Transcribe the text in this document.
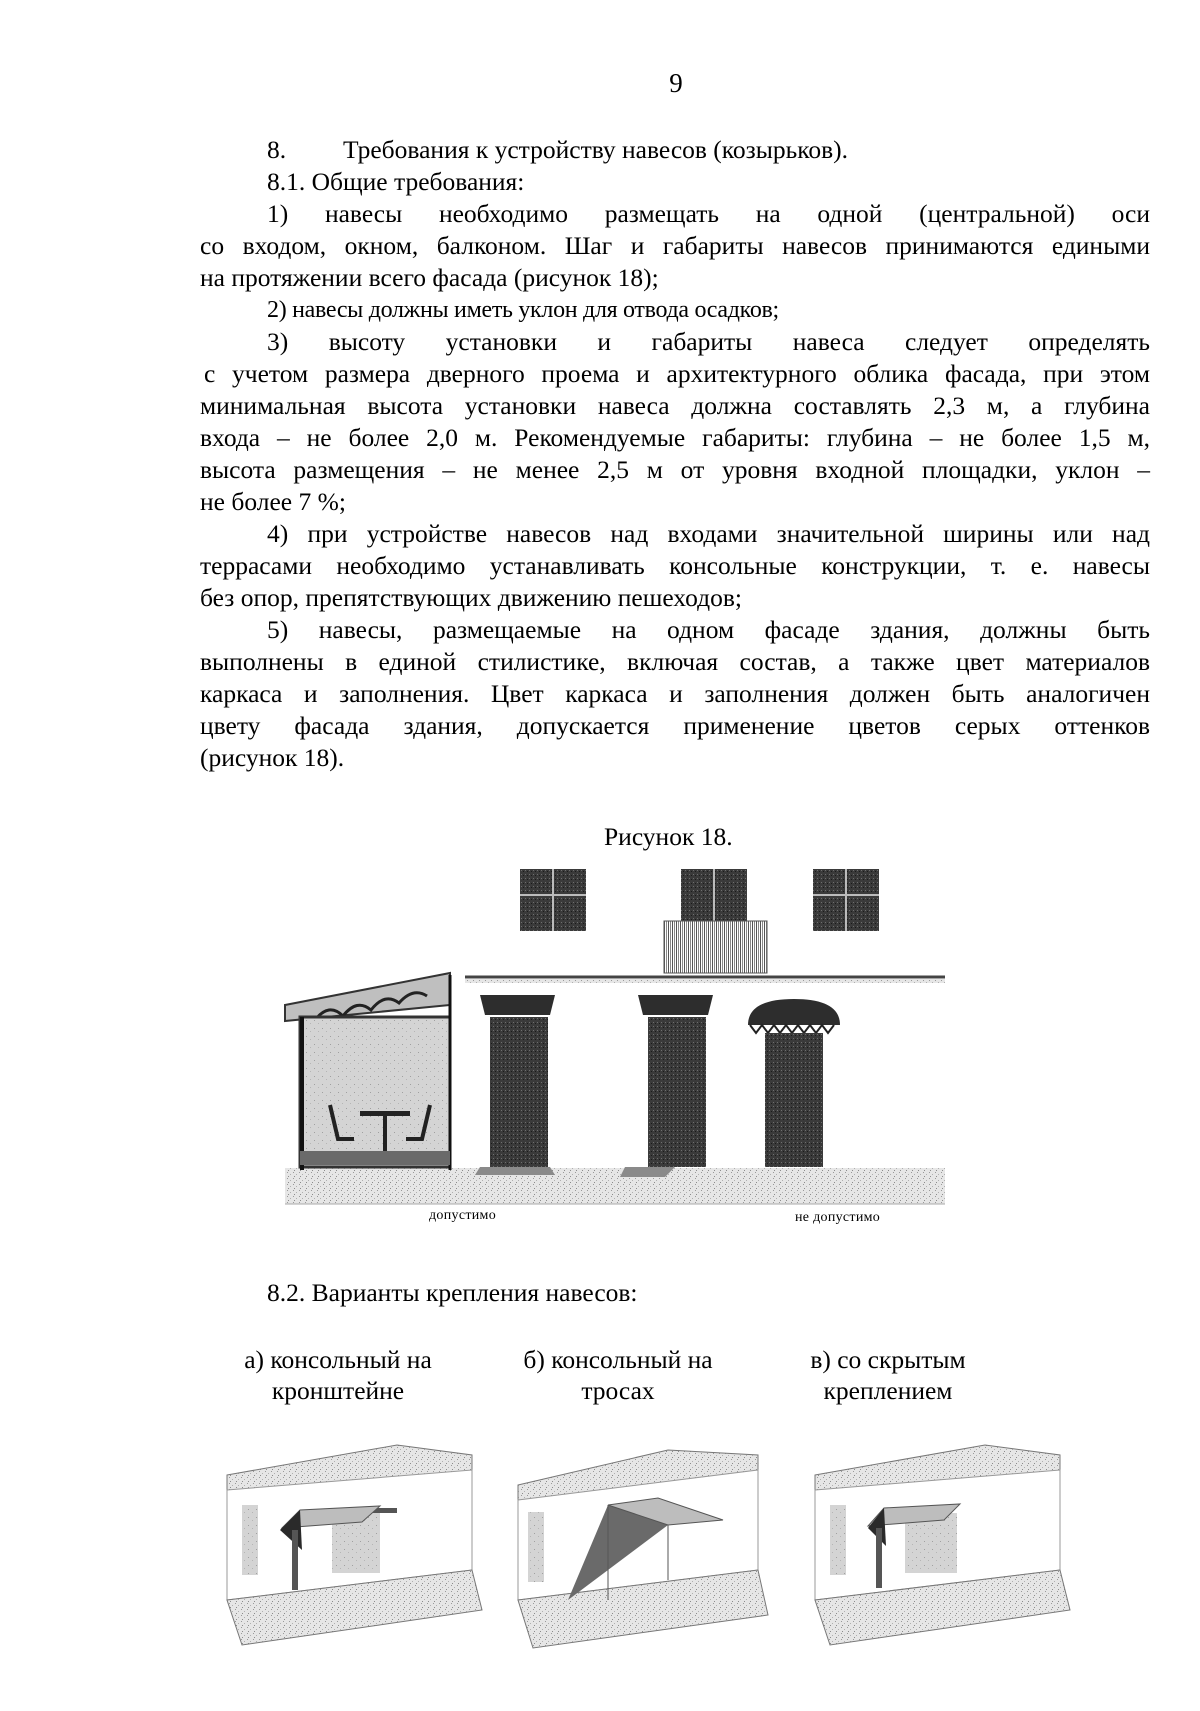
9
8. Требования к устройству навесов (козырьков).
8.1. Общие требования:
1) навесы необходимо размещать на одной (центральной) оси
со входом, окном, балконом. Шаг и габариты навесов принимаются едиными
на протяжении всего фасада (рисунок 18);
2) навесы должны иметь уклон для отвода осадков;
3) высоту установки и габариты навеса следует определять
с учетом размера дверного проема и архитектурного облика фасада, при этом
минимальная высота установки навеса должна составлять 2,3 м, а глубина
входа – не более 2,0 м. Рекомендуемые габариты: глубина – не более 1,5 м,
высота размещения – не менее 2,5 м от уровня входной площадки, уклон –
не более 7 %;
4) при устройстве навесов над входами значительной ширины или над
террасами необходимо устанавливать консольные конструкции, т. е. навесы
без опор, препятствующих движению пешеходов;
5) навесы, размещаемые на одном фасаде здания, должны быть
выполнены в единой стилистике, включая состав, а также цвет материалов
каркаса и заполнения. Цвет каркаса и заполнения должен быть аналогичен
цвету фасада здания, допускается применение цветов серых оттенков
(рисунок 18).
Рисунок 18.
допустимо	не допустимо
8.2. Варианты крепления навесов:
а) консольный на
кронштейне
б) консольный на
тросах
в) со скрытым
креплением
